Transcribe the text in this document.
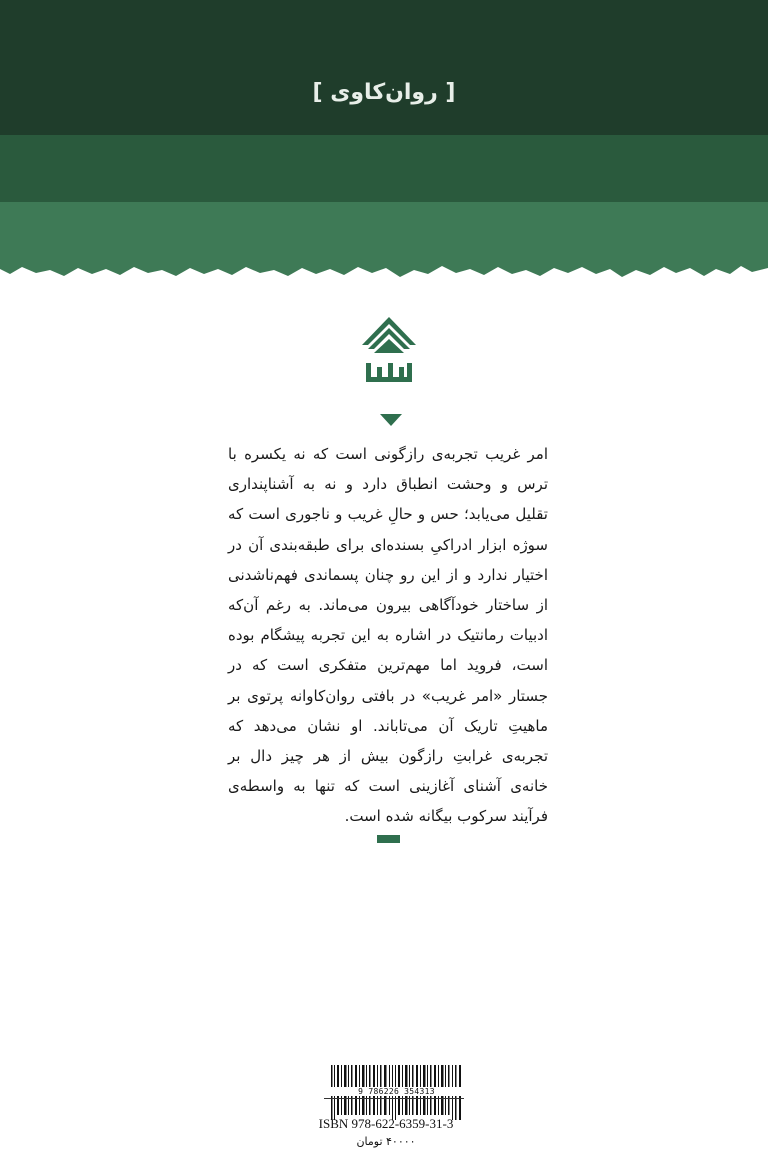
[ روان‌کاوی ]

امر غریب تجربه‌ی رازگونی است که نه یکسره با ترس و وحشت انطباق دارد و نه به آشناپنداری تقلیل می‌یابد؛ حس و حالِ غریب و ناجوری است که سوژه ابزار ادراکیِ بسنده‌ای برای طبقه‌بندی آن در اختیار ندارد و از این رو چنان پسماندی فهم‌ناشدنی از ساختار خودآگاهی بیرون می‌ماند. به رغم آن‌که ادبیات رمانتیک در اشاره به این تجربه پیشگام بوده است، فروید اما مهم‌ترین متفکری است که در جستار «امر غریب» در بافتی روان‌کاوانه پرتوی بر ماهیتِ تاریک آن می‌تاباند. او نشان می‌دهد که تجربه‌ی غرابتِ رازگون بیش از هر چیز دال بر خانه‌ی آشنای آغازینی است که تنها به واسطه‌ی فرآیند سرکوب بیگانه شده است.

9 786226 354313
ISBN 978-622-6359-31-3
۴۰۰۰۰ تومان
